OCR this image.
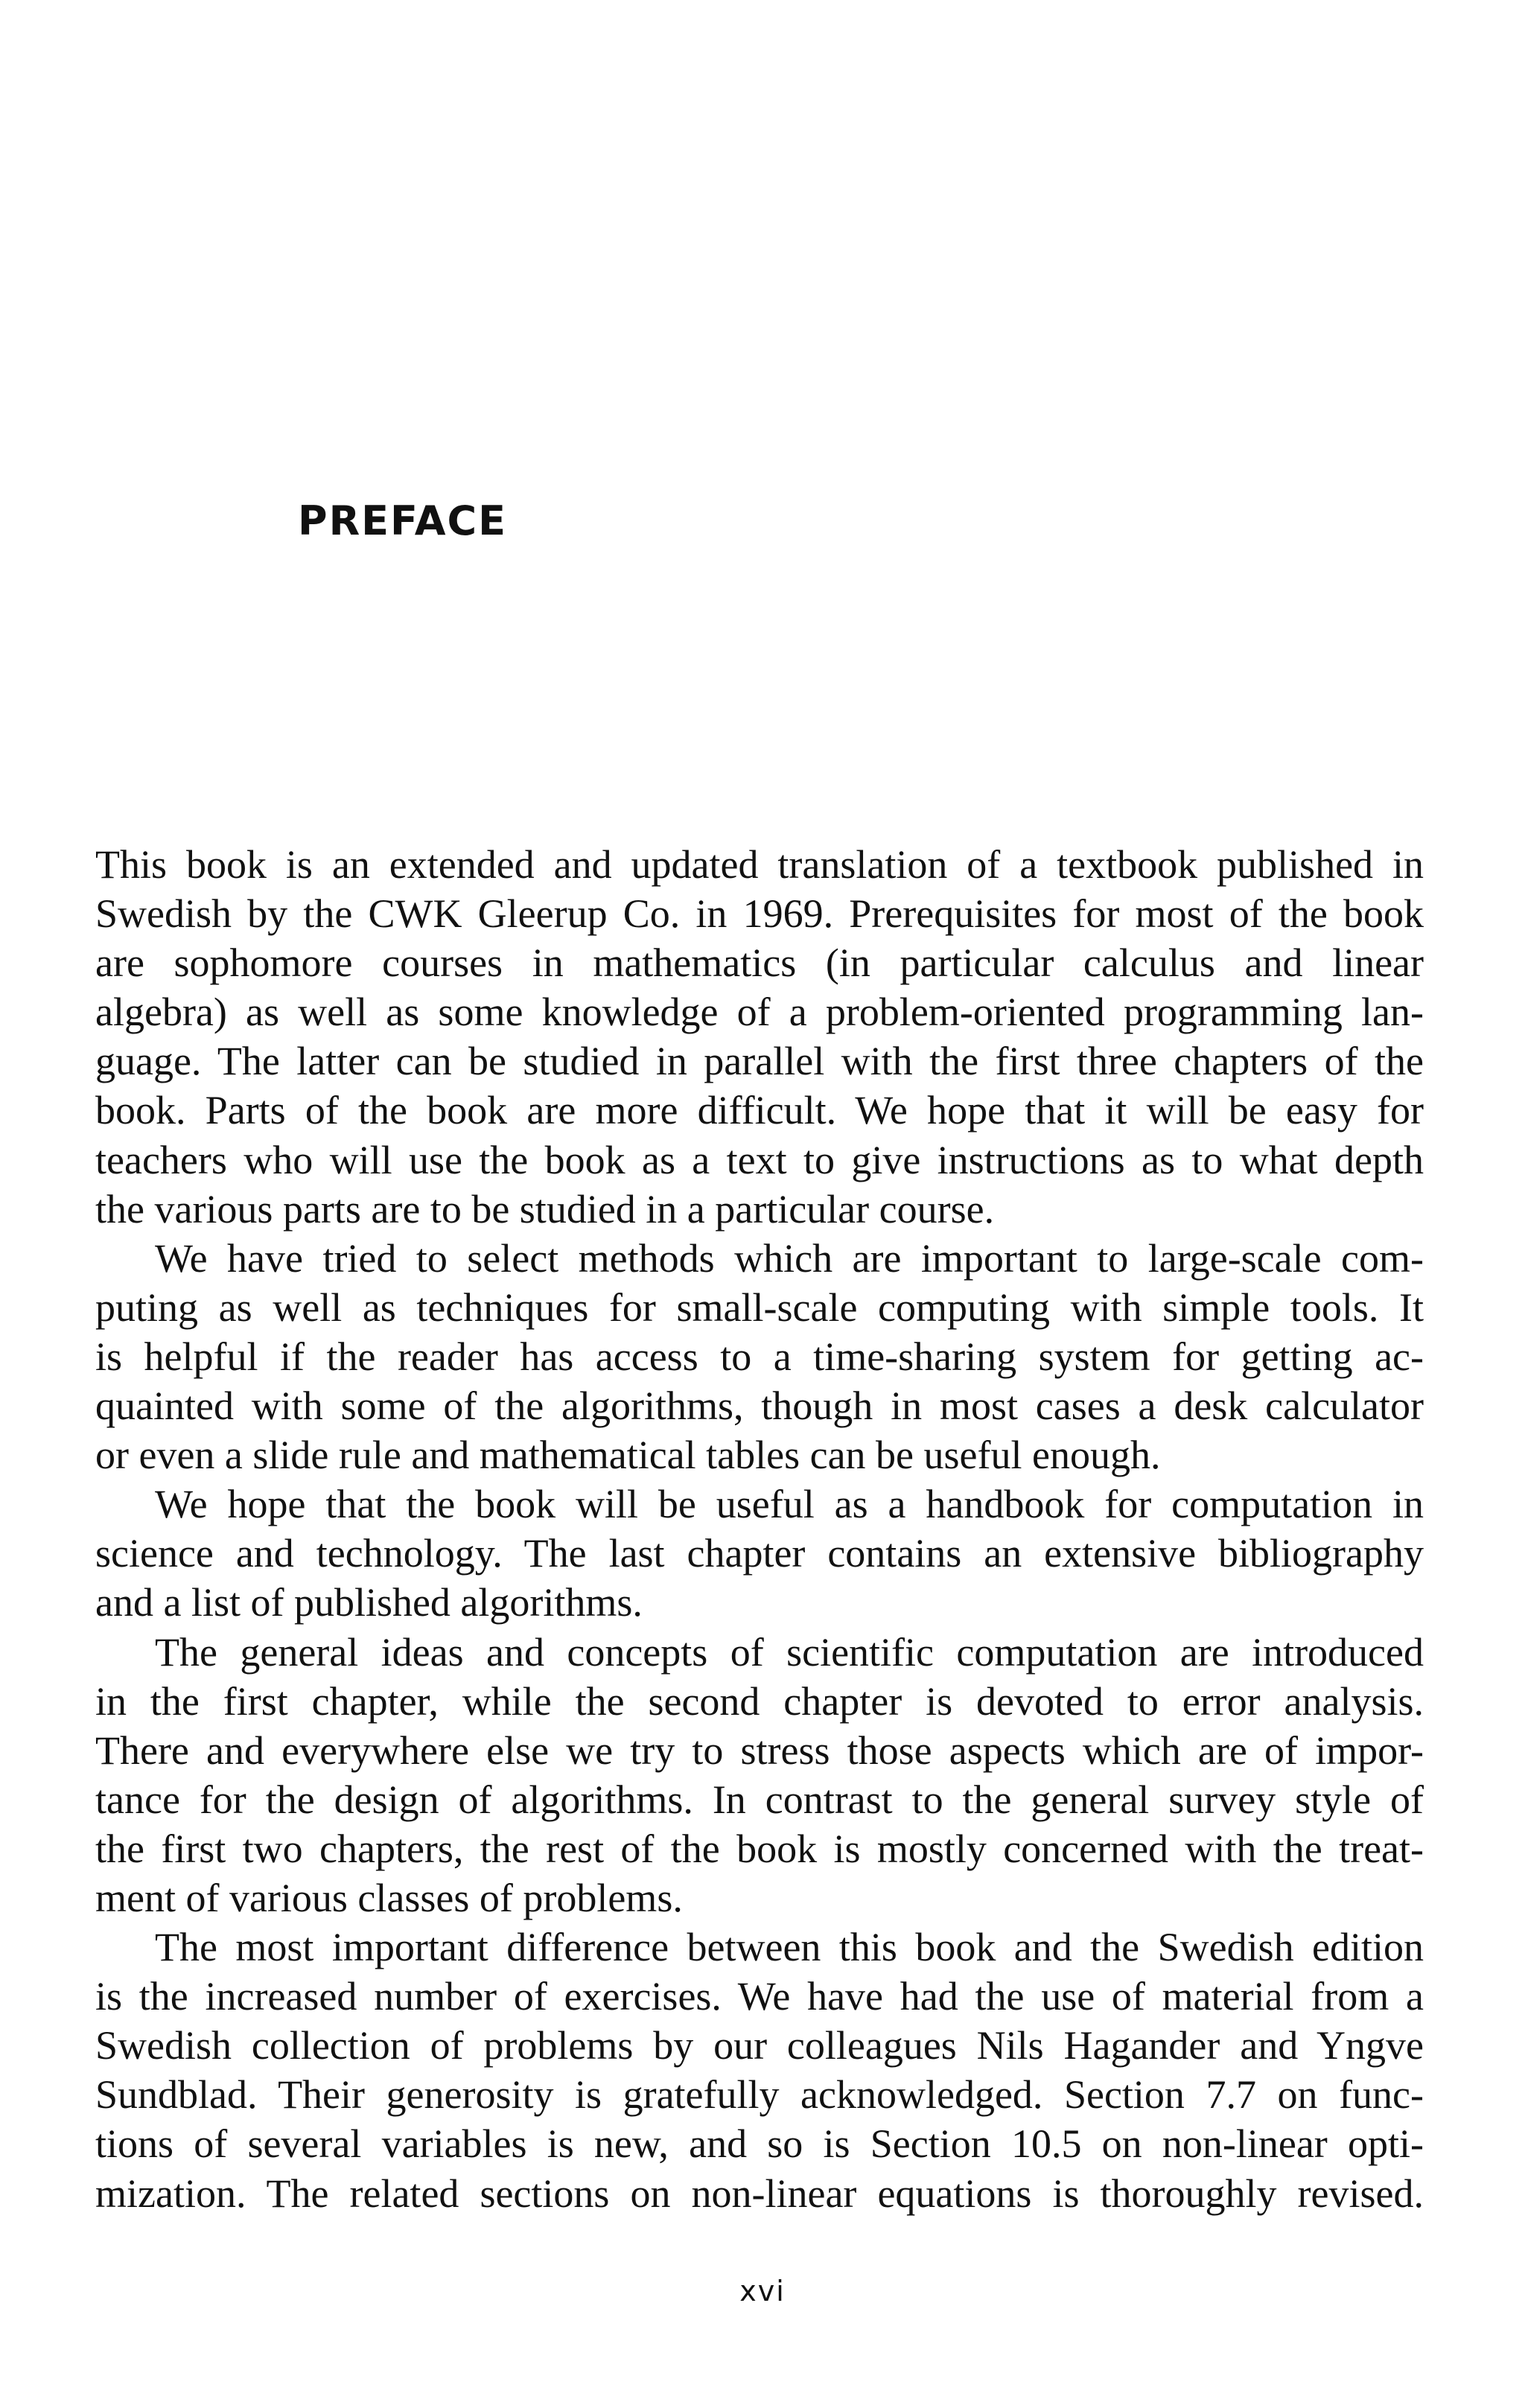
PREFACE
This book is an extended and updated translation of a textbook published in
Swedish by the CWK Gleerup Co. in 1969. Prerequisites for most of the book
are sophomore courses in mathematics (in particular calculus and linear
algebra) as well as some knowledge of a problem-oriented programming lan-
guage. The latter can be studied in parallel with the first three chapters of the
book. Parts of the book are more difficult. We hope that it will be easy for
teachers who will use the book as a text to give instructions as to what depth
the various parts are to be studied in a particular course.
We have tried to select methods which are important to large-scale com-
puting as well as techniques for small-scale computing with simple tools. It
is helpful if the reader has access to a time-sharing system for getting ac-
quainted with some of the algorithms, though in most cases a desk calculator
or even a slide rule and mathematical tables can be useful enough.
We hope that the book will be useful as a handbook for computation in
science and technology. The last chapter contains an extensive bibliography
and a list of published algorithms.
The general ideas and concepts of scientific computation are introduced
in the first chapter, while the second chapter is devoted to error analysis.
There and everywhere else we try to stress those aspects which are of impor-
tance for the design of algorithms. In contrast to the general survey style of
the first two chapters, the rest of the book is mostly concerned with the treat-
ment of various classes of problems.
The most important difference between this book and the Swedish edition
is the increased number of exercises. We have had the use of material from a
Swedish collection of problems by our colleagues Nils Hagander and Yngve
Sundblad. Their generosity is gratefully acknowledged. Section 7.7 on func-
tions of several variables is new, and so is Section 10.5 on non-linear opti-
mization. The related sections on non-linear equations is thoroughly revised.
xvi
